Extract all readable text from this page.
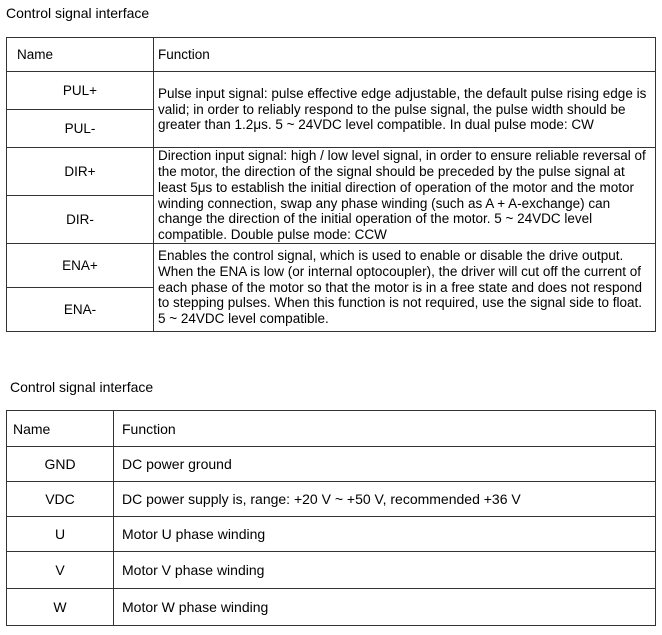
Control signal interface
Name	Function
PUL+	Pulse input signal: pulse effective edge adjustable, the default pulse rising edge is valid; in order to reliably respond to the pulse signal, the pulse width should be greater than 1.2μs. 5 ~ 24VDC level compatible. In dual pulse mode: CW
PUL-	
DIR+	Direction input signal: high / low level signal, in order to ensure reliable reversal of the motor, the direction of the signal should be preceded by the pulse signal at least 5μs to establish the initial direction of operation of the motor and the motor winding connection, swap any phase winding (such as A + A-exchange) can change the direction of the initial operation of the motor. 5 ~ 24VDC level compatible. Double pulse mode: CCW
DIR-	
ENA+	Enables the control signal, which is used to enable or disable the drive output. When the ENA is low (or internal optocoupler), the driver will cut off the current of each phase of the motor so that the motor is in a free state and does not respond to stepping pulses. When this function is not required, use the signal side to float. 5 ~ 24VDC level compatible.
ENA-	
Control signal interface
Name	Function
GND	DC power ground
VDC	DC power supply is, range: +20 V ~ +50 V, recommended +36 V
U	Motor U phase winding
V	Motor V phase winding
W	Motor W phase winding
